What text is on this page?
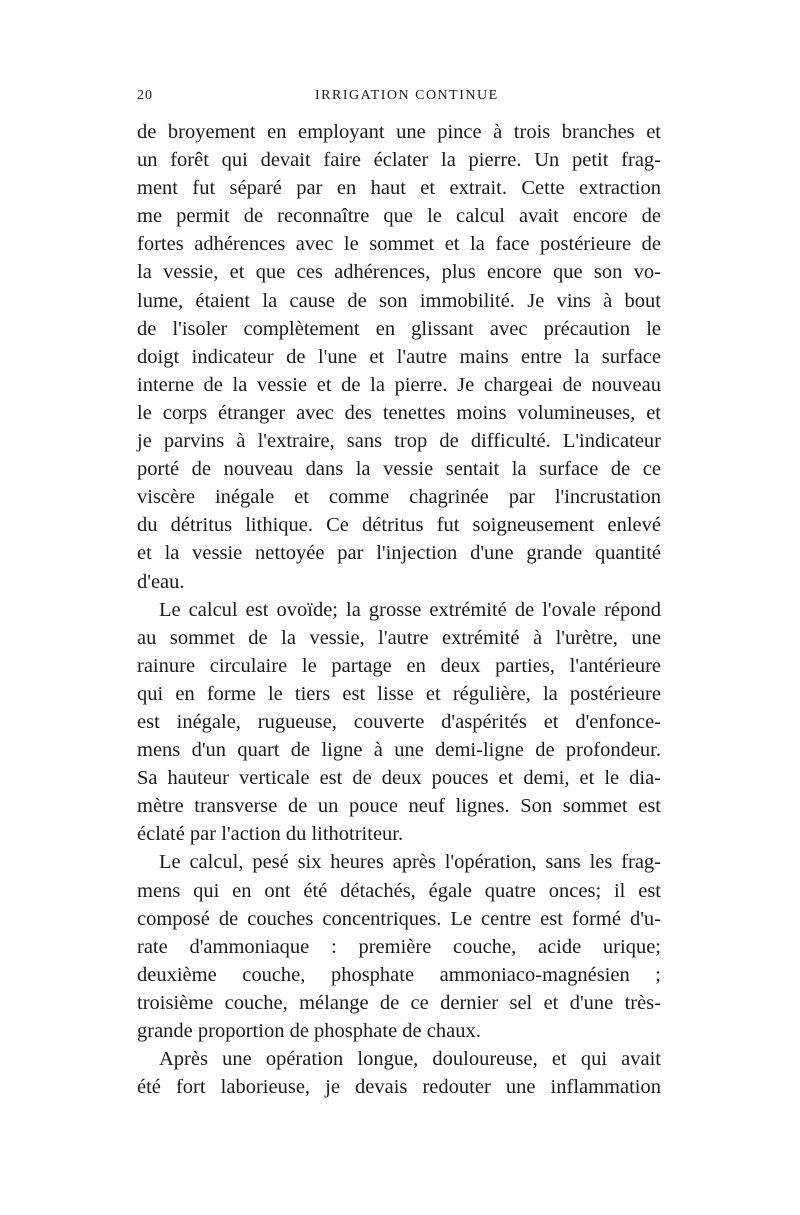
20	IRRIGATION CONTINUE
de broyement en employant une pince à trois branches et
un forêt qui devait faire éclater la pierre. Un petit frag-
ment fut séparé par en haut et extrait. Cette extraction
me permit de reconnaître que le calcul avait encore de
fortes adhérences avec le sommet et la face postérieure de
la vessie, et que ces adhérences, plus encore que son vo-
lume, étaient la cause de son immobilité. Je vins à bout
de l'isoler complètement en glissant avec précaution le
doigt indicateur de l'une et l'autre mains entre la surface
interne de la vessie et de la pierre. Je chargeai de nouveau
le corps étranger avec des tenettes moins volumineuses, et
je parvins à l'extraire, sans trop de difficulté. L'indicateur
porté de nouveau dans la vessie sentait la surface de ce
viscère inégale et comme chagrinée par l'incrustation
du détritus lithique. Ce détritus fut soigneusement enlevé
et la vessie nettoyée par l'injection d'une grande quantité
d'eau.
Le calcul est ovoïde; la grosse extrémité de l'ovale répond
au sommet de la vessie, l'autre extrémité à l'urètre, une
rainure circulaire le partage en deux parties, l'antérieure
qui en forme le tiers est lisse et régulière, la postérieure
est inégale, rugueuse, couverte d'aspérités et d'enfonce-
mens d'un quart de ligne à une demi-ligne de profondeur.
Sa hauteur verticale est de deux pouces et demi, et le dia-
mètre transverse de un pouce neuf lignes. Son sommet est
éclaté par l'action du lithotriteur.
Le calcul, pesé six heures après l'opération, sans les frag-
mens qui en ont été détachés, égale quatre onces; il est
composé de couches concentriques. Le centre est formé d'u-
rate d'ammoniaque : première couche, acide urique;
deuxième couche, phosphate ammoniaco-magnésien ;
troisième couche, mélange de ce dernier sel et d'une très-
grande proportion de phosphate de chaux.
Après une opération longue, douloureuse, et qui avait
été fort laborieuse, je devais redouter une inflammation
